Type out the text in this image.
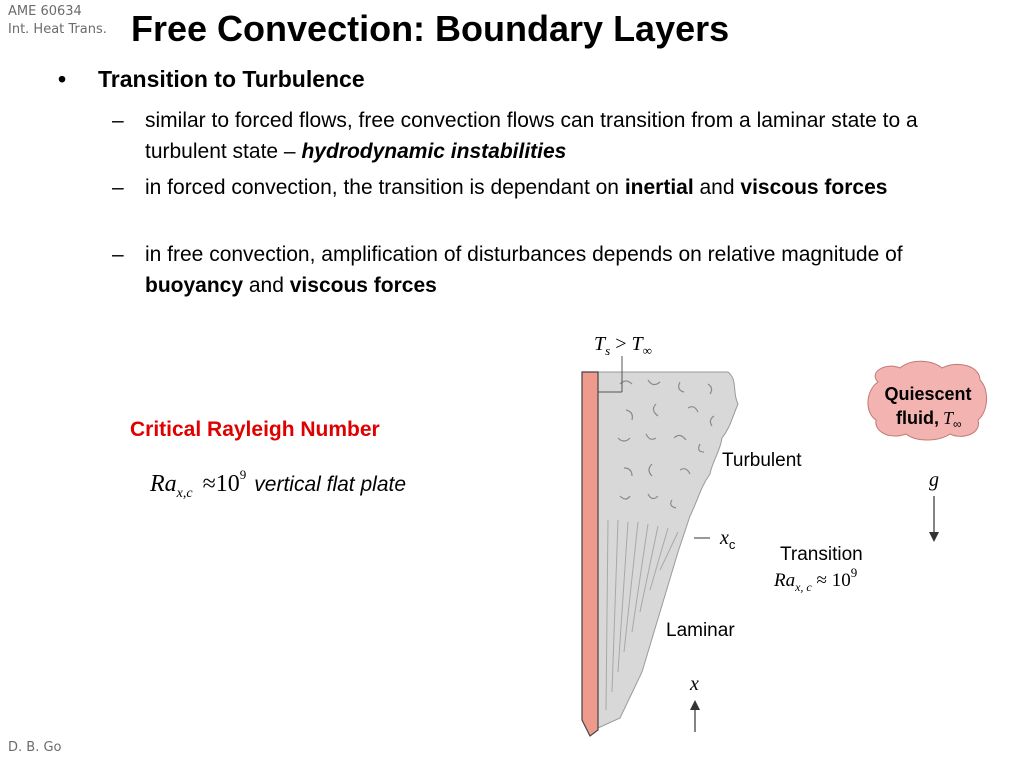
AME 60634
Int. Heat Trans. Free Convection: Boundary Layers
• Transition to Turbulence
– similar to forced flows, free convection flows can transition from a laminar state to a turbulent state – hydrodynamic instabilities
– in forced convection, the transition is dependant on inertial and viscous forces
– in free convection, amplification of disturbances depends on relative magnitude of buoyancy and viscous forces
Critical Rayleigh Number
$Ra_{x,c} \approx 10^9$ vertical flat plate
$T_s > T_\infty$
Quiescent
fluid, $T_\infty$
Turbulent
g
$x_c$ Transition
$Ra_{x, c} \approx 10^9$
Laminar
x
D. B. Go
